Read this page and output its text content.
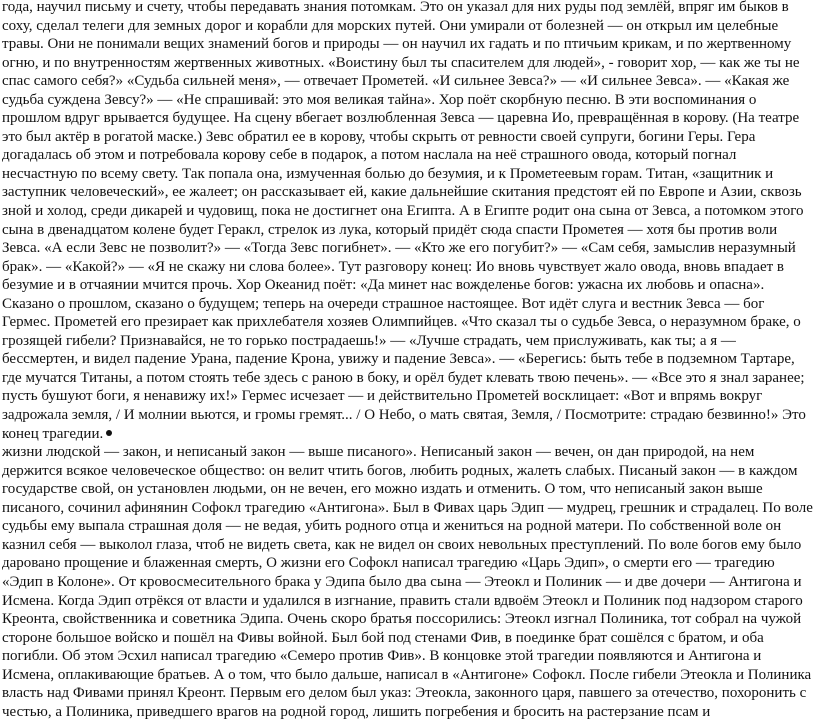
года, научил письму и счету, чтобы передавать знания потомкам. Это он указал для них руды под землёй, впряг им быков в соху, сделал телеги для земных дорог и корабли для морских путей. Они умирали от болезней — он открыл им целебные травы. Они не понимали вещих знамений богов и природы — он научил их гадать и по птичьим крикам, и по жертвенному огню, и по внутренностям жертвенных животных. «Воистину был ты спасителем для людей», - говорит хор, — как же ты не спас самого себя?» «Судьба сильней меня», — отвечает Прометей. «И сильнее Зевса?» — «И сильнее Зевса». — «Какая же судьба суждена Зевсу?» — «Не спрашивай: это моя великая тайна». Хор поёт скорбную песню. В эти воспоминания о прошлом вдруг врывается будущее. На сцену вбегает возлюбленная Зевса — царевна Ио, превращённая в корову. (На театре это был актёр в рогатой маске.) Зевс обратил ее в корову, чтобы скрыть от ревности своей супруги, богини Геры. Гера догадалась об этом и потребовала корову себе в подарок, а потом наслала на неё страшного овода, который погнал несчастную по всему свету. Так попала она, измученная болью до безумия, и к Прометеевым горам. Титан, «защитник и заступник человеческий», ее жалеет; он рассказывает ей, какие дальнейшие скитания предстоят ей по Европе и Азии, сквозь зной и холод, среди дикарей и чудовищ, пока не достигнет она Египта. А в Египте родит она сына от Зевса, а потомком этого сына в двенадцатом колене будет Геракл, стрелок из лука, который придёт сюда спасти Прометея — хотя бы против воли Зевса. «А если Зевс не позволит?» — «Тогда Зевс погибнет». — «Кто же его погубит?» — «Сам себя, замыслив неразумный брак». — «Какой?» — «Я не скажу ни слова более». Тут разговору конец: Ио вновь чувствует жало овода, вновь впадает в безумие и в отчаянии мчится прочь. Хор Океанид поёт: «Да минет нас вожделенье богов: ужасна их любовь и опасна». Сказано о прошлом, сказано о будущем; теперь на очереди страшное настоящее. Вот идёт слуга и вестник Зевса — бог Гермес. Прометей его презирает как прихлебателя хозяев Олимпийцев. «Что сказал ты о судьбе Зевса, о неразумном браке, о грозящей гибели? Признавайся, не то горько пострадаешь!» — «Лучше страдать, чем прислуживать, как ты; а я — бессмертен, и видел падение Урана, падение Крона, увижу и падение Зевса». — «Берегись: быть тебе в подземном Тартаре, где мучатся Титаны, а потом стоять тебе здесь с раною в боку, и орёл будет клевать твою печень». — «Все это я знал заранее; пусть бушуют боги, я ненавижу их!» Гермес исчезает — и действительно Прометей восклицает: «Вот и впрямь вокруг задрожала земля, / И молнии вьются, и громы гремят... / О Небо, о мать святая, Земля, / Посмотрите: страдаю безвинно!» Это конец трагедии.

жизни людской — закон, и неписаный закон — выше писаного». Неписаный закон — вечен, он дан природой, на нем держится всякое человеческое общество: он велит чтить богов, любить родных, жалеть слабых. Писаный закон — в каждом государстве свой, он установлен людьми, он не вечен, его можно издать и отменить. О том, что неписаный закон выше писаного, сочинил афинянин Софокл трагедию «Антигона». Был в Фивах царь Эдип — мудрец, грешник и страдалец. По воле судьбы ему выпала страшная доля — не ведая, убить родного отца и жениться на родной матери. По собственной воле он казнил себя — выколол глаза, чтоб не видеть света, как не видел он своих невольных преступлений. По воле богов ему было даровано прощение и блаженная смерть, О жизни его Софокл написал трагедию «Царь Эдип», о смерти его — трагедию «Эдип в Колоне». От кровосмесительного брака у Эдипа было два сына — Этеокл и Полиник — и две дочери — Антигона и Исмена. Когда Эдип отрёкся от власти и удалился в изгнание, править стали вдвоём Этеокл и Полиник под надзором старого Креонта, свойственника и советника Эдипа. Очень скоро братья поссорились: Этеокл изгнал Полиника, тот собрал на чужой стороне большое войско и пошёл на Фивы войной. Был бой под стенами Фив, в поединке брат сошёлся с братом, и оба погибли. Об этом Эсхил написал трагедию «Семеро против Фив». В концовке этой трагедии появляются и Антигона и Исмена, оплакивающие братьев. А о том, что было дальше, написал в «Антигоне» Софокл. После гибели Этеокла и Полиника власть над Фивами принял Креонт. Первым его делом был указ: Этеокла, законного царя, павшего за отечество, похоронить с честью, а Полиника, приведшего врагов на родной город, лишить погребения и бросить на растерзание псам и
